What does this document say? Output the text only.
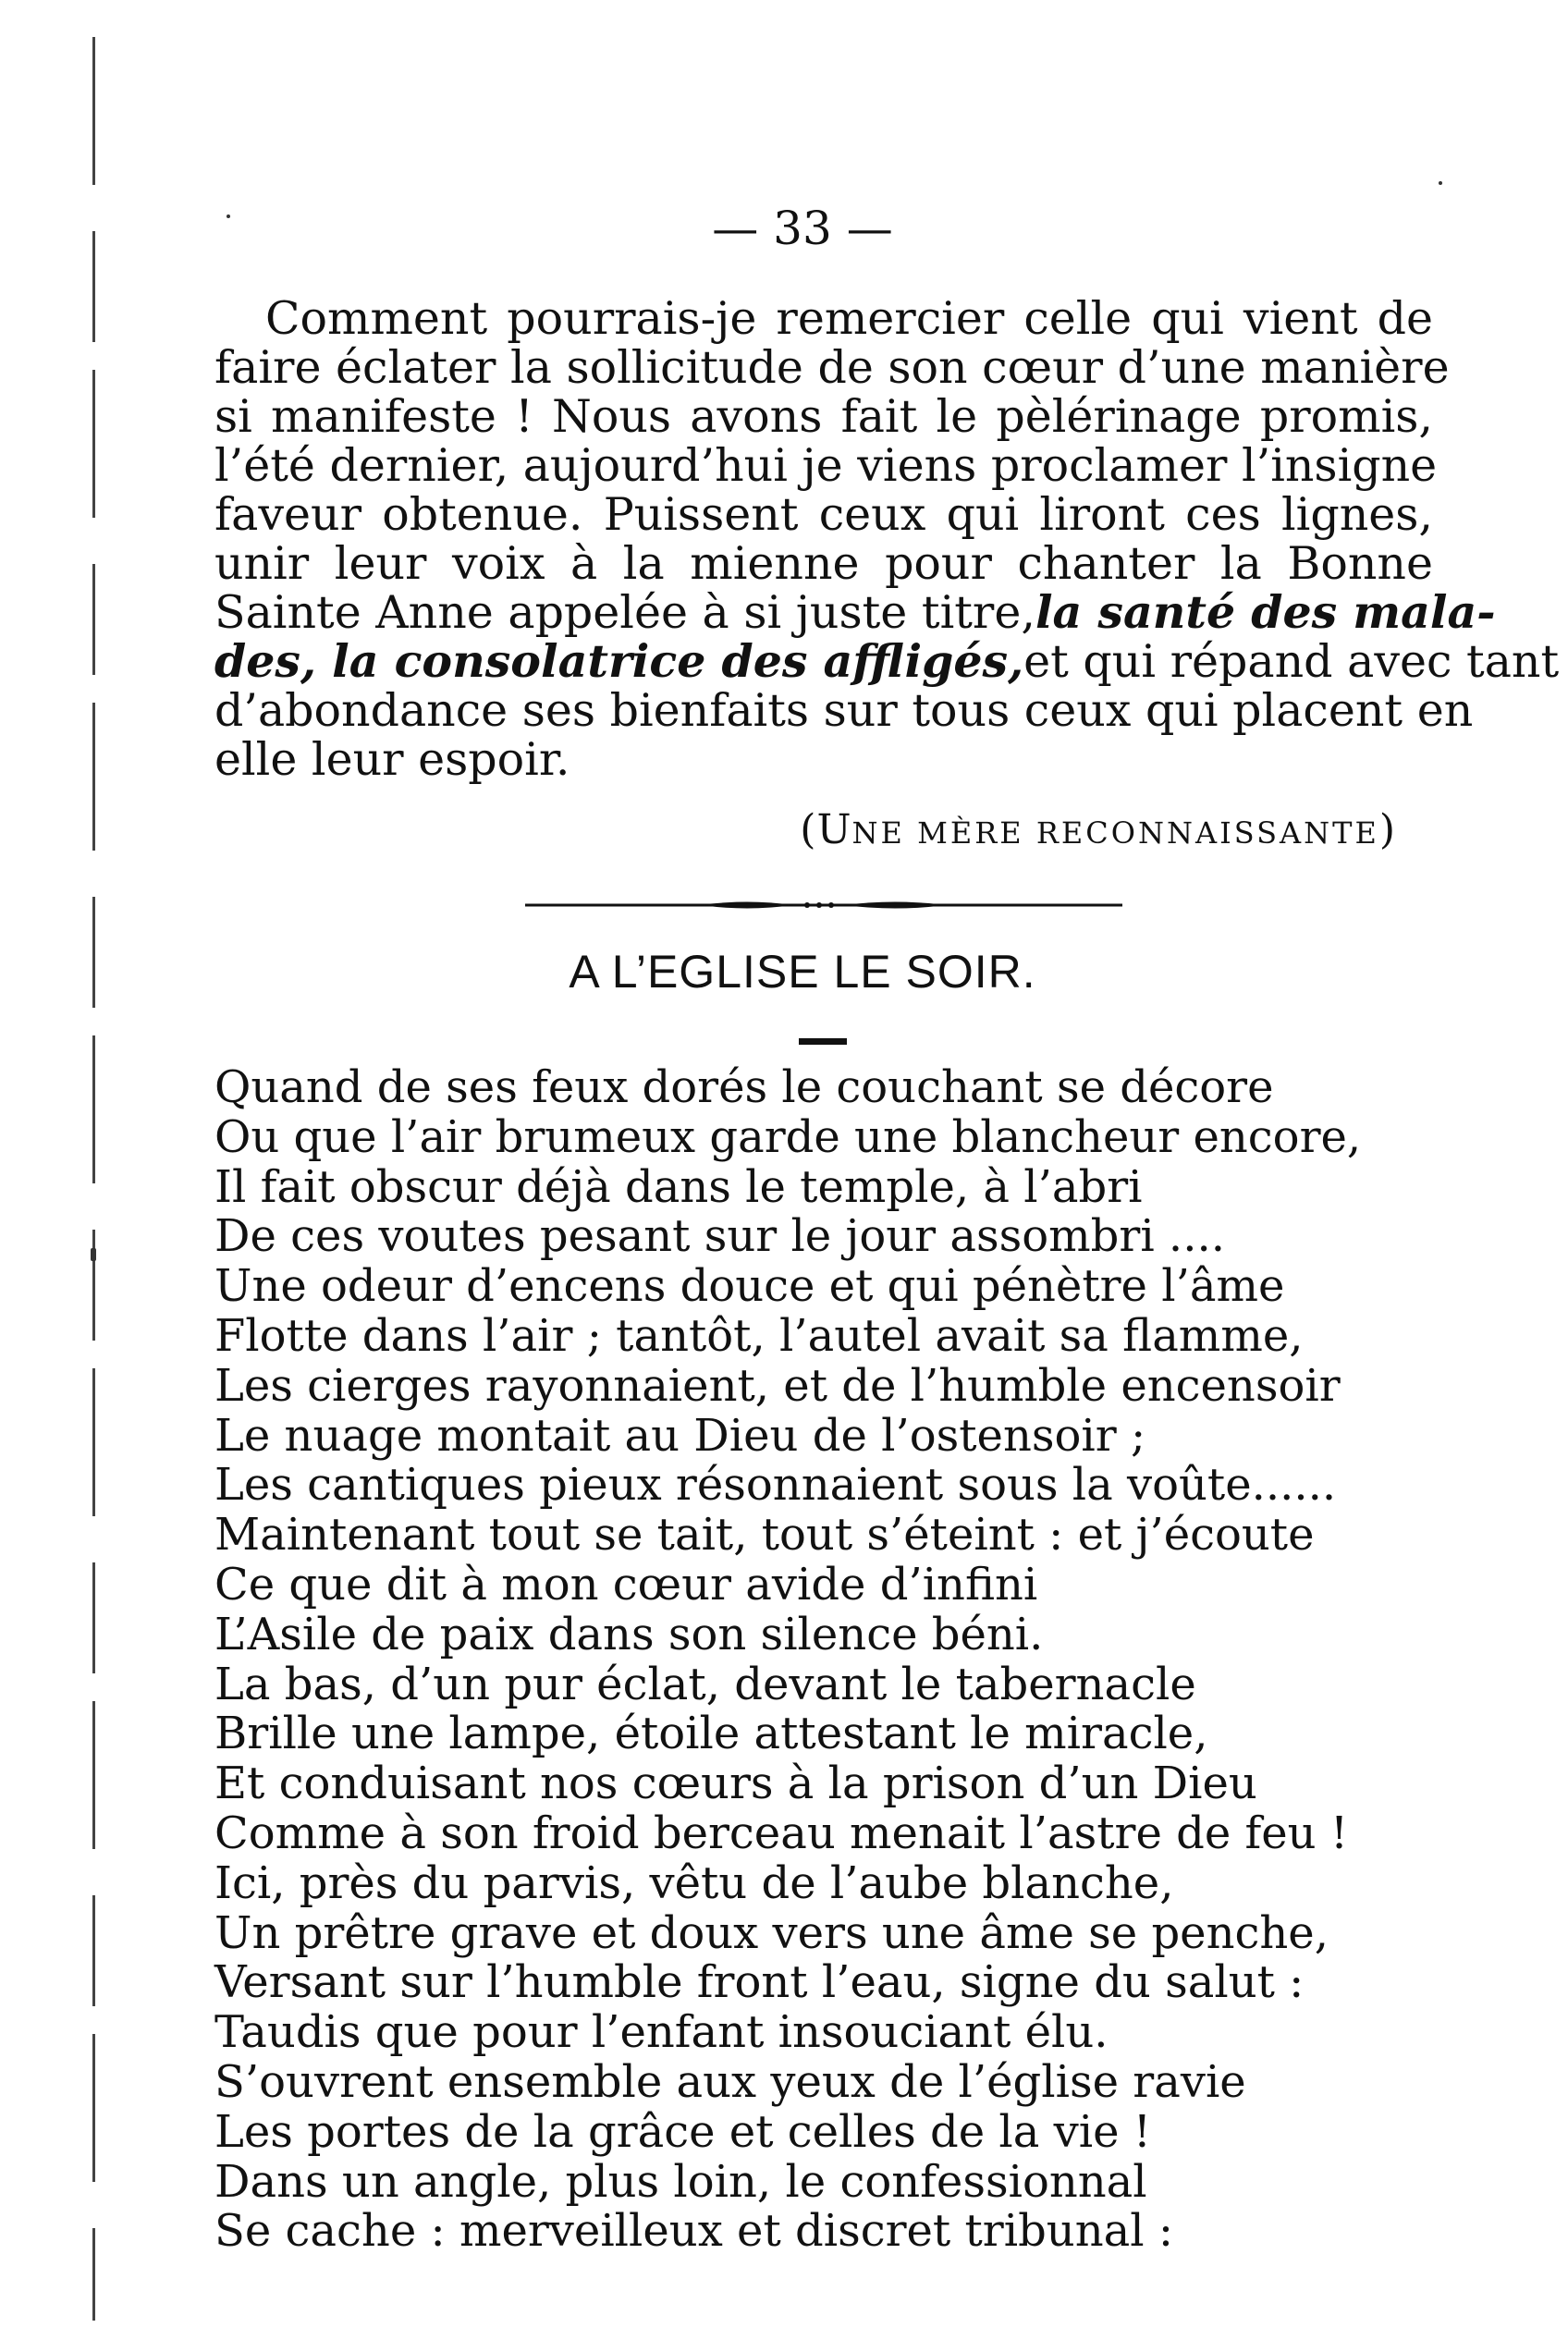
— 33 —
Comment pourrais-je remercier celle qui vient de
faire éclater la sollicitude de son cœur d’une manière
si manifeste ! Nous avons fait le pèlérinage promis,
l’été dernier, aujourd’hui je viens proclamer l’insigne
faveur obtenue. Puissent ceux qui liront ces lignes,
unir leur voix à la mienne pour chanter la Bonne
Sainte Anne appelée à si juste titre, la santé des mala-
des, la consolatrice des affligés, et qui répand avec tant
d’abondance ses bienfaits sur tous ceux qui placent en
elle leur espoir.
(UNE MÈRE RECONNAISSANTE)
A L’EGLISE LE SOIR.
Quand de ses feux dorés le couchant se décore
Ou que l’air brumeux garde une blancheur encore,
Il fait obscur déjà dans le temple, à l’abri
De ces voutes pesant sur le jour assombri ....
Une odeur d’encens douce et qui pénètre l’âme
Flotte dans l’air ; tantôt, l’autel avait sa flamme,
Les cierges rayonnaient, et de l’humble encensoir
Le nuage montait au Dieu de l’ostensoir ;
Les cantiques pieux résonnaient sous la voûte......
Maintenant tout se tait, tout s’éteint : et j’écoute
Ce que dit à mon cœur avide d’infini
L’Asile de paix dans son silence béni.
La bas, d’un pur éclat, devant le tabernacle
Brille une lampe, étoile attestant le miracle,
Et conduisant nos cœurs à la prison d’un Dieu
Comme à son froid berceau menait l’astre de feu !
Ici, près du parvis, vêtu de l’aube blanche,
Un prêtre grave et doux vers une âme se penche,
Versant sur l’humble front l’eau, signe du salut :
Taudis que pour l’enfant insouciant élu.
S’ouvrent ensemble aux yeux de l’église ravie
Les portes de la grâce et celles de la vie !
Dans un angle, plus loin, le confessionnal
Se cache : merveilleux et discret tribunal :
